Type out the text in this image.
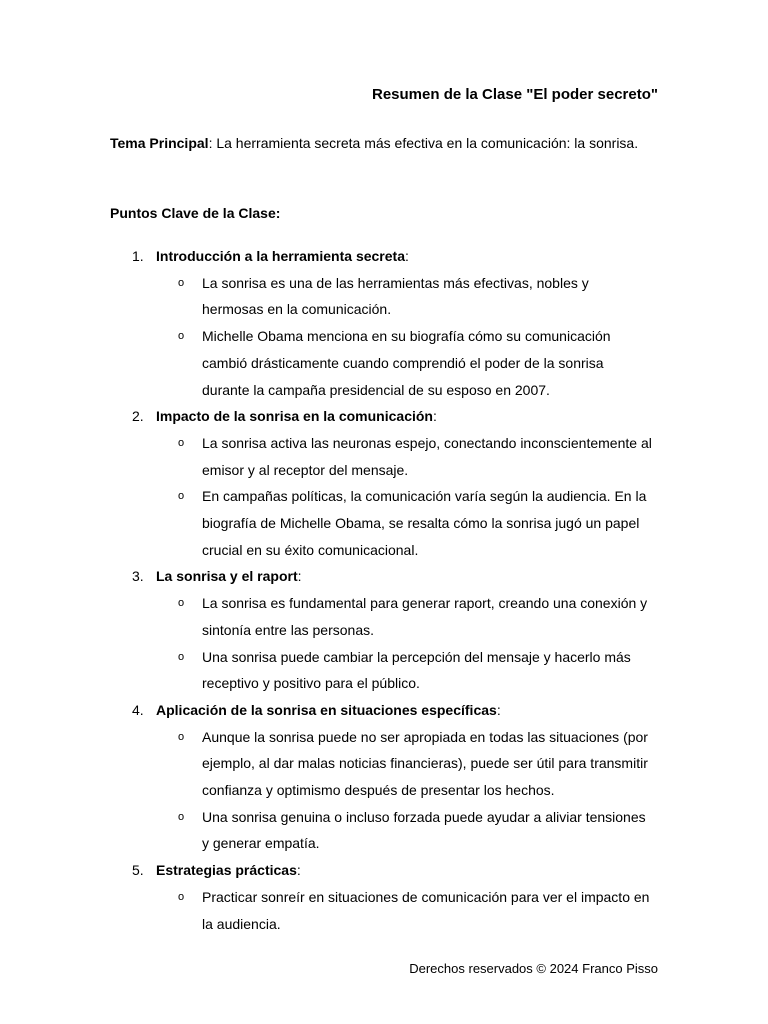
Resumen de la Clase "El poder secreto"

Tema Principal: La herramienta secreta más efectiva en la comunicación: la sonrisa.

Puntos Clave de la Clase:

1. Introducción a la herramienta secreta:
o La sonrisa es una de las herramientas más efectivas, nobles y hermosas en la comunicación.
o Michelle Obama menciona en su biografía cómo su comunicación cambió drásticamente cuando comprendió el poder de la sonrisa durante la campaña presidencial de su esposo en 2007.
2. Impacto de la sonrisa en la comunicación:
o La sonrisa activa las neuronas espejo, conectando inconscientemente al emisor y al receptor del mensaje.
o En campañas políticas, la comunicación varía según la audiencia. En la biografía de Michelle Obama, se resalta cómo la sonrisa jugó un papel crucial en su éxito comunicacional.
3. La sonrisa y el raport:
o La sonrisa es fundamental para generar raport, creando una conexión y sintonía entre las personas.
o Una sonrisa puede cambiar la percepción del mensaje y hacerlo más receptivo y positivo para el público.
4. Aplicación de la sonrisa en situaciones específicas:
o Aunque la sonrisa puede no ser apropiada en todas las situaciones (por ejemplo, al dar malas noticias financieras), puede ser útil para transmitir confianza y optimismo después de presentar los hechos.
o Una sonrisa genuina o incluso forzada puede ayudar a aliviar tensiones y generar empatía.
5. Estrategias prácticas:
o Practicar sonreír en situaciones de comunicación para ver el impacto en la audiencia.

Derechos reservados © 2024 Franco Pisso
